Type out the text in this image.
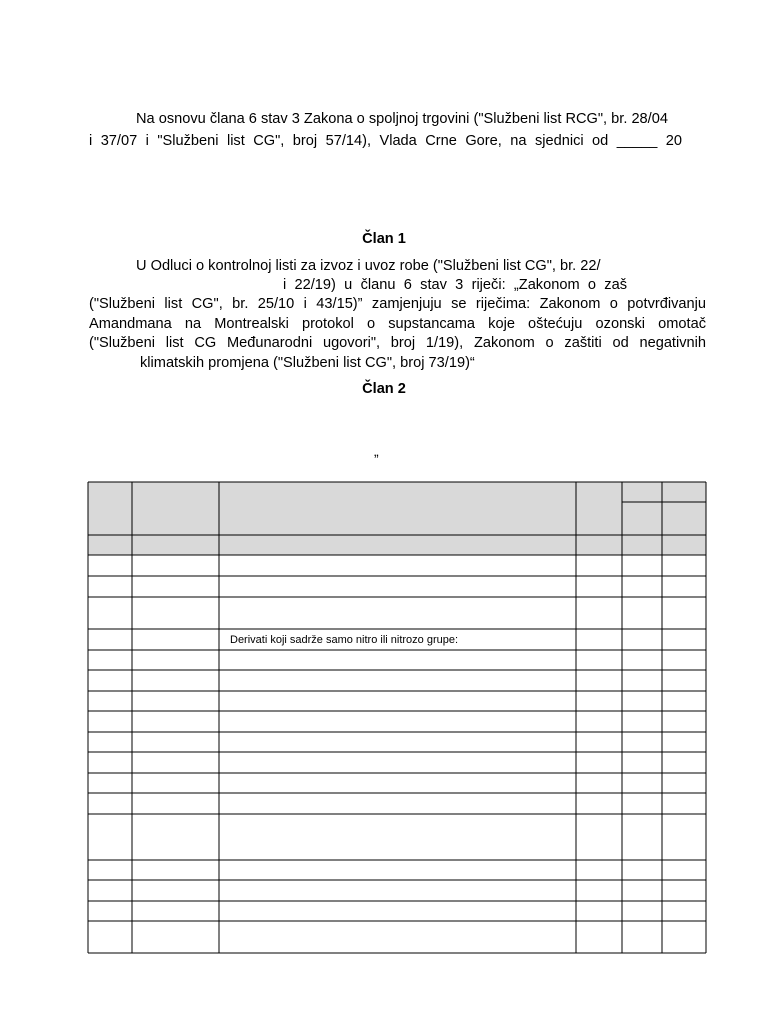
Na osnovu člana 6 stav 3 Zakona o spoljnoj trgovini ("Službeni list RCG", br. 28/04
i 37/07 i "Službeni list CG", broj 57/14), Vlada Crne Gore, na sjednici od _____ 20
Član 1
U Odluci o kontrolnoj listi za izvoz i uvoz robe ("Službeni list CG", br. 22/
i 22/19) u članu 6 stav 3 riječi: „Zakonom o zaš
("Službeni list CG", br. 25/10 i 43/15)” zamjenjuju se riječima: Zakonom o potvrđivanju
Amandmana na Montrealski protokol o supstancama koje oštećuju ozonski omotač
("Službeni list CG Međunarodni ugovori", broj 1/19), Zakonom o zaštiti od negativnih
klimatskih promjena ("Službeni list CG", broj 73/19)“
Član 2
„
Derivati koji sadrže samo nitro ili nitrozo grupe:
